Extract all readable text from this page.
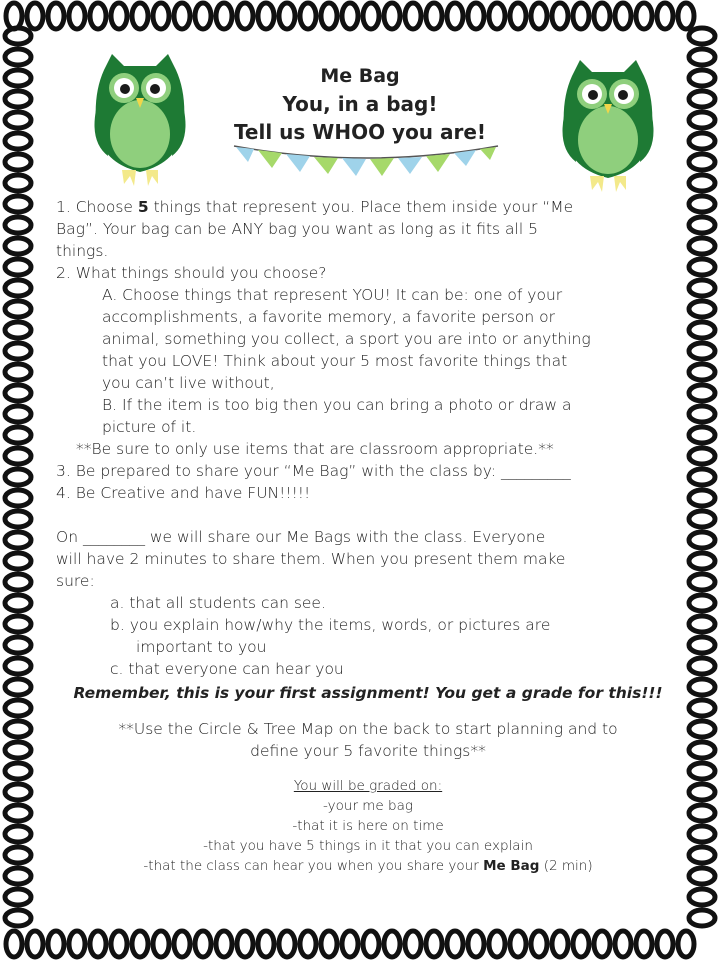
Me Bag
You, in a bag!
Tell us WHOO you are!
1. Choose 5 things that represent you. Place them inside your “Me
Bag”. Your bag can be ANY bag you want as long as it fits all 5
things.
2. What things should you choose?
A. Choose things that represent YOU! It can be: one of your
accomplishments, a favorite memory, a favorite person or
animal, something you collect, a sport you are into or anything
that you LOVE! Think about your 5 most favorite things that
you can’t live without,
B. If the item is too big then you can bring a photo or draw a
picture of it.
**Be sure to only use items that are classroom appropriate.**
3. Be prepared to share your “Me Bag” with the class by: _________
4. Be Creative and have FUN!!!!!
On ________ we will share our Me Bags with the class. Everyone
will have 2 minutes to share them. When you present them make
sure:
a. that all students can see.
b. you explain how/why the items, words, or pictures are
important to you
c. that everyone can hear you
Remember, this is your first assignment! You get a grade for this!!!
**Use the Circle & Tree Map on the back to start planning and to
define your 5 favorite things**
You will be graded on:
-your me bag
-that it is here on time
-that you have 5 things in it that you can explain
-that the class can hear you when you share your Me Bag (2 min)
